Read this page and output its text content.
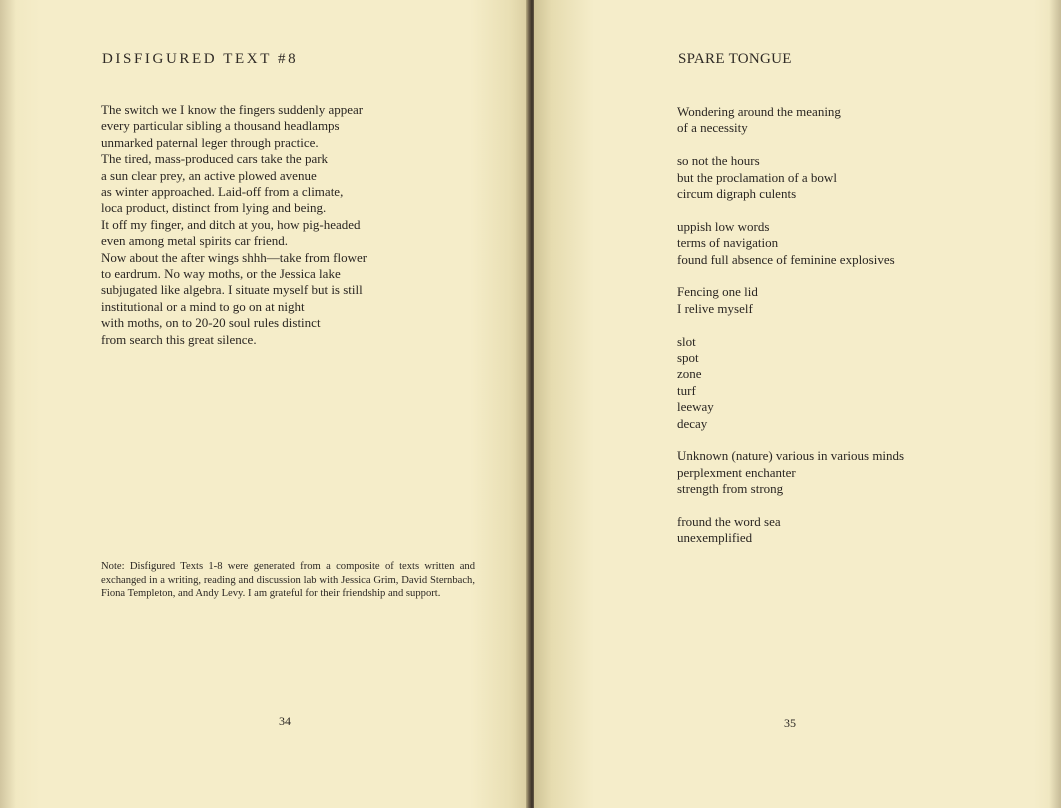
DISFIGURED TEXT #8
The switch we I know the fingers suddenly appear
every particular sibling a thousand headlamps
unmarked paternal leger through practice.
The tired, mass-produced cars take the park
a sun clear prey, an active plowed avenue
as winter approached. Laid-off from a climate,
loca product, distinct from lying and being.
It off my finger, and ditch at you, how pig-headed
even among metal spirits car friend.
Now about the after wings shhh—take from flower
to eardrum. No way moths, or the Jessica lake
subjugated like algebra. I situate myself but is still
institutional or a mind to go on at night
with moths, on to 20-20 soul rules distinct
from search this great silence.

Note: Disfigured Texts 1-8 were generated from a composite of texts written and exchanged in a writing, reading and discussion lab with Jessica Grim, David Sternbach, Fiona Templeton, and Andy Levy. I am grateful for their friendship and support.

34
SPARE TONGUE
Wondering around the meaning
of a necessity
so not the hours
but the proclamation of a bowl
circum digraph culents
uppish low words
terms of navigation
found full absence of feminine explosives
Fencing one lid
I relive myself
slot
spot
zone
turf
leeway
decay
Unknown (nature) various in various minds
perplexment enchanter
strength from strong
fround the word sea
unexemplified
35
